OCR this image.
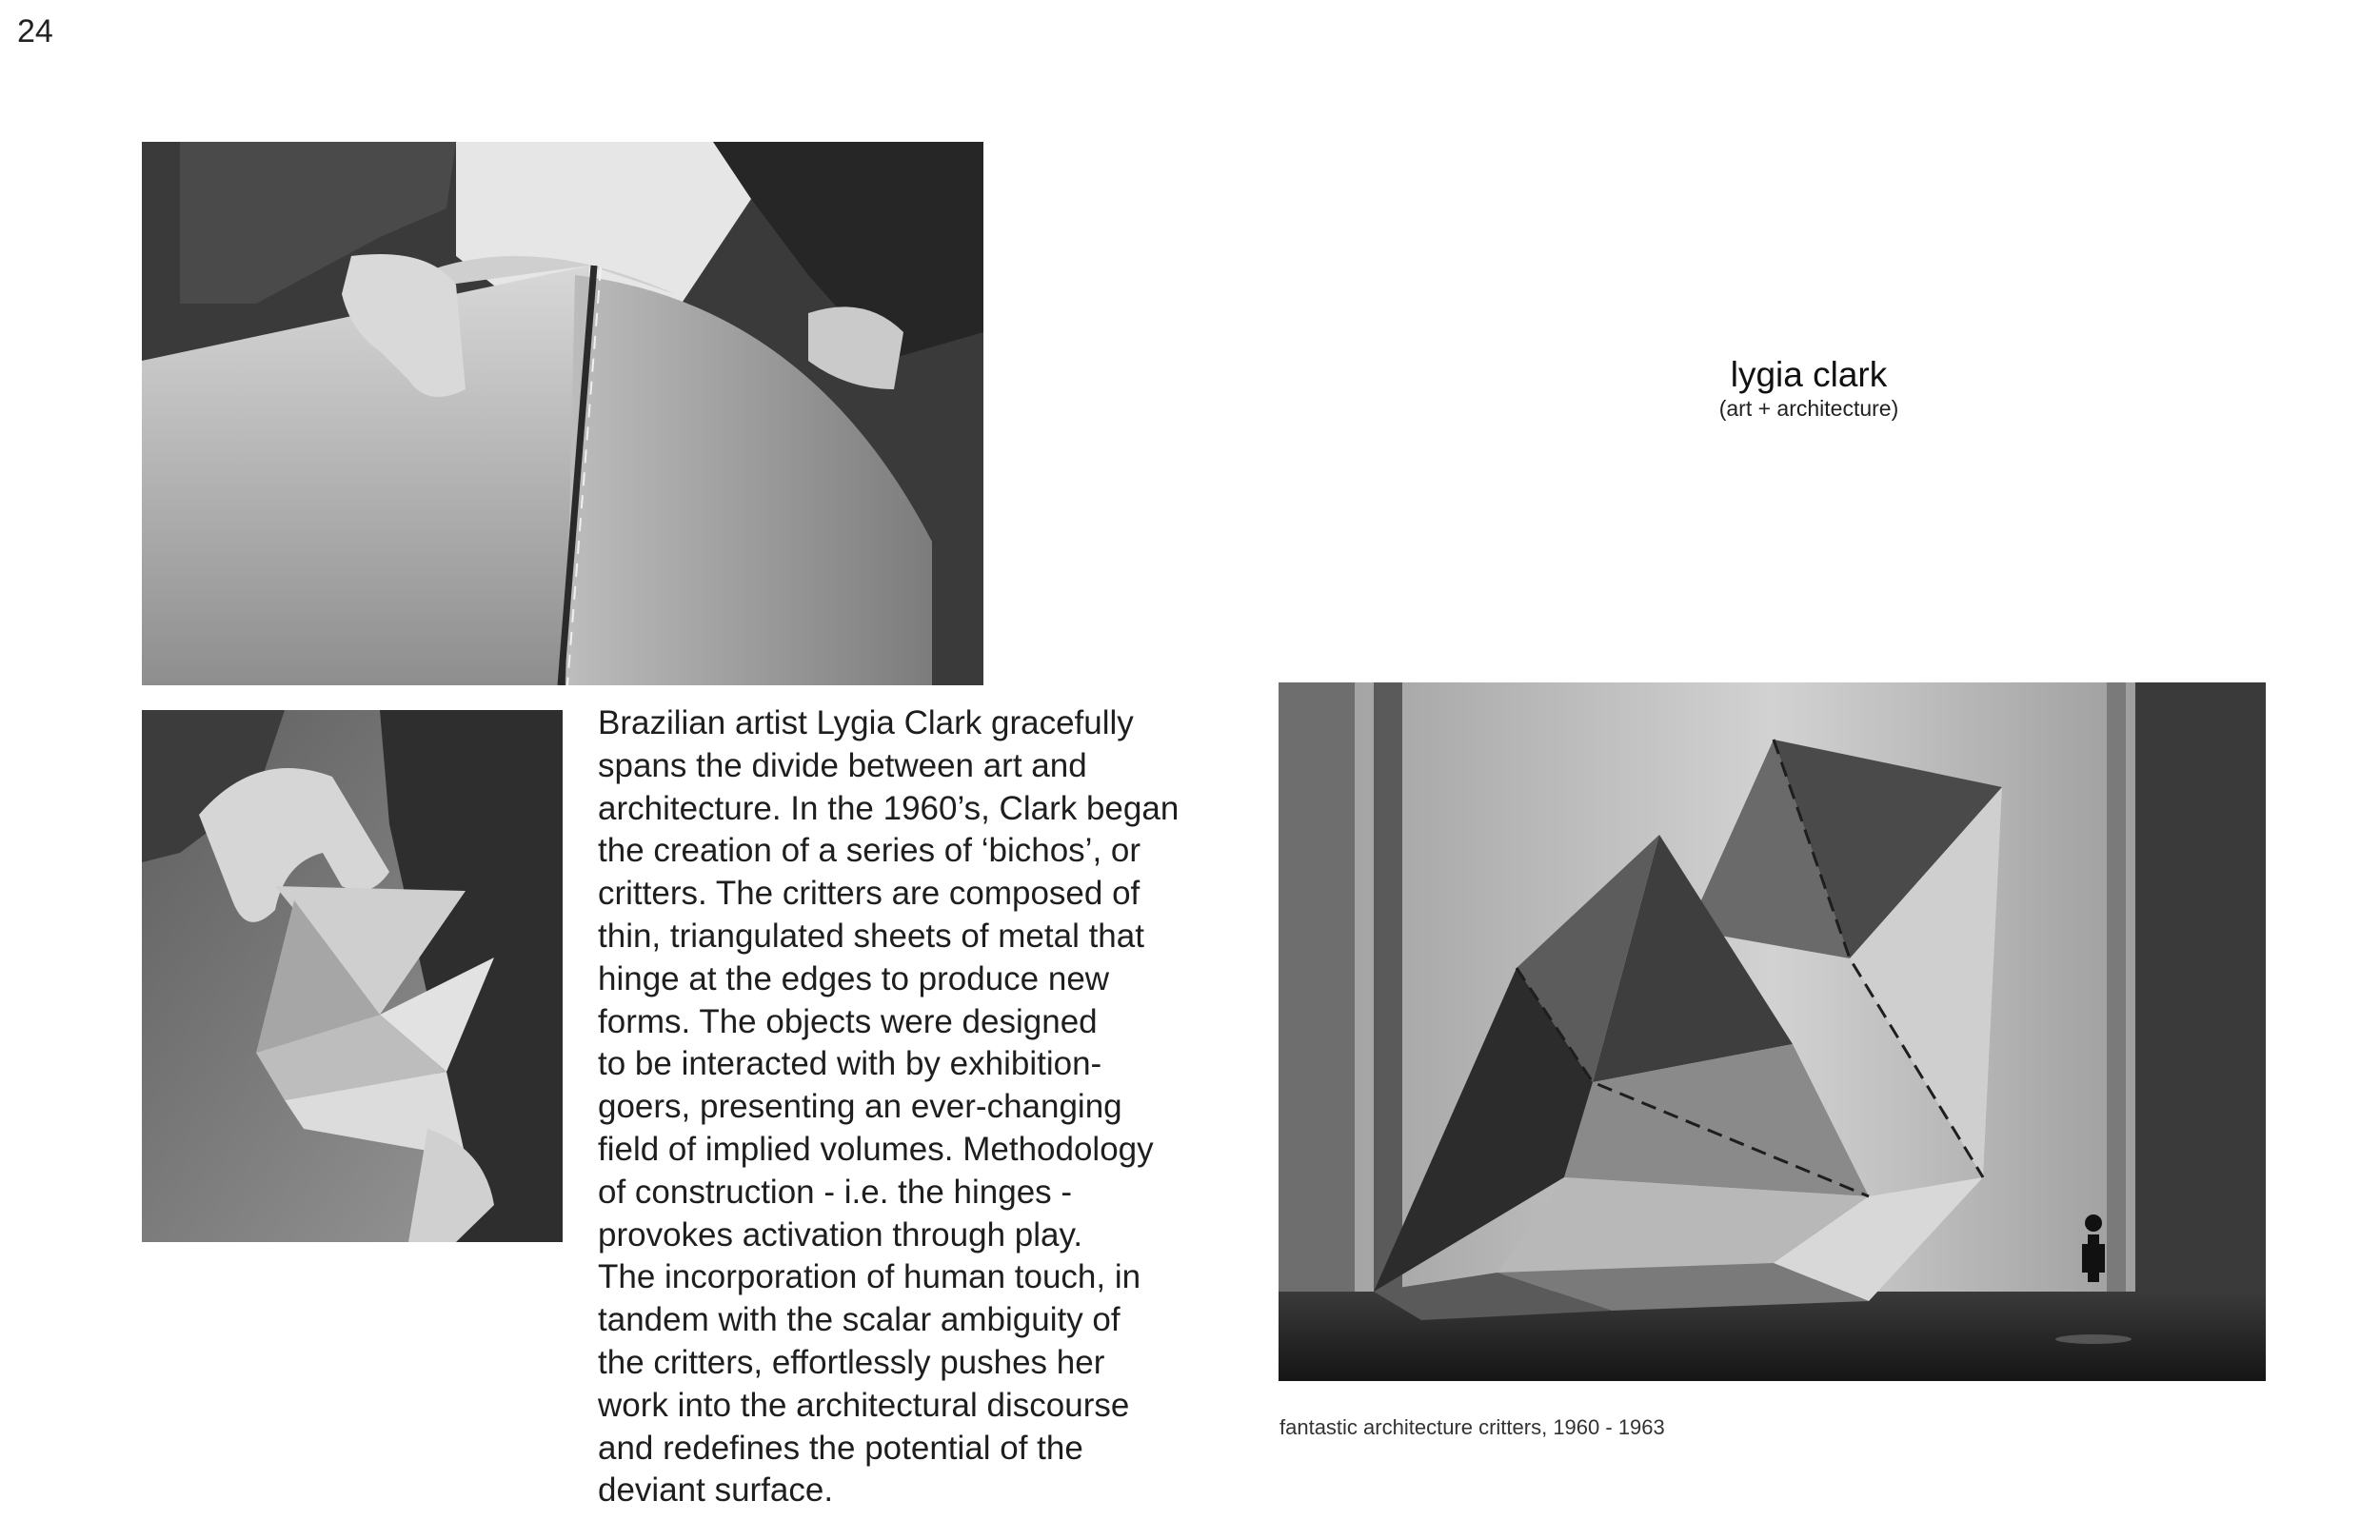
24

Brazilian artist Lygia Clark gracefully
spans the divide between art and
architecture. In the 1960’s, Clark began
the creation of a series of ‘bichos’, or
critters. The critters are composed of
thin, triangulated sheets of metal that
hinge at the edges to produce new
forms. The objects were designed
to be interacted with by exhibition-
goers, presenting an ever-changing
field of implied volumes. Methodology
of construction - i.e. the hinges -
provokes activation through play.
The incorporation of human touch, in
tandem with the scalar ambiguity of
the critters, effortlessly pushes her
work into the architectural discourse
and redefines the potential of the
deviant surface.

lygia clark
(art + architecture)
fantastic architecture critters, 1960 - 1963
